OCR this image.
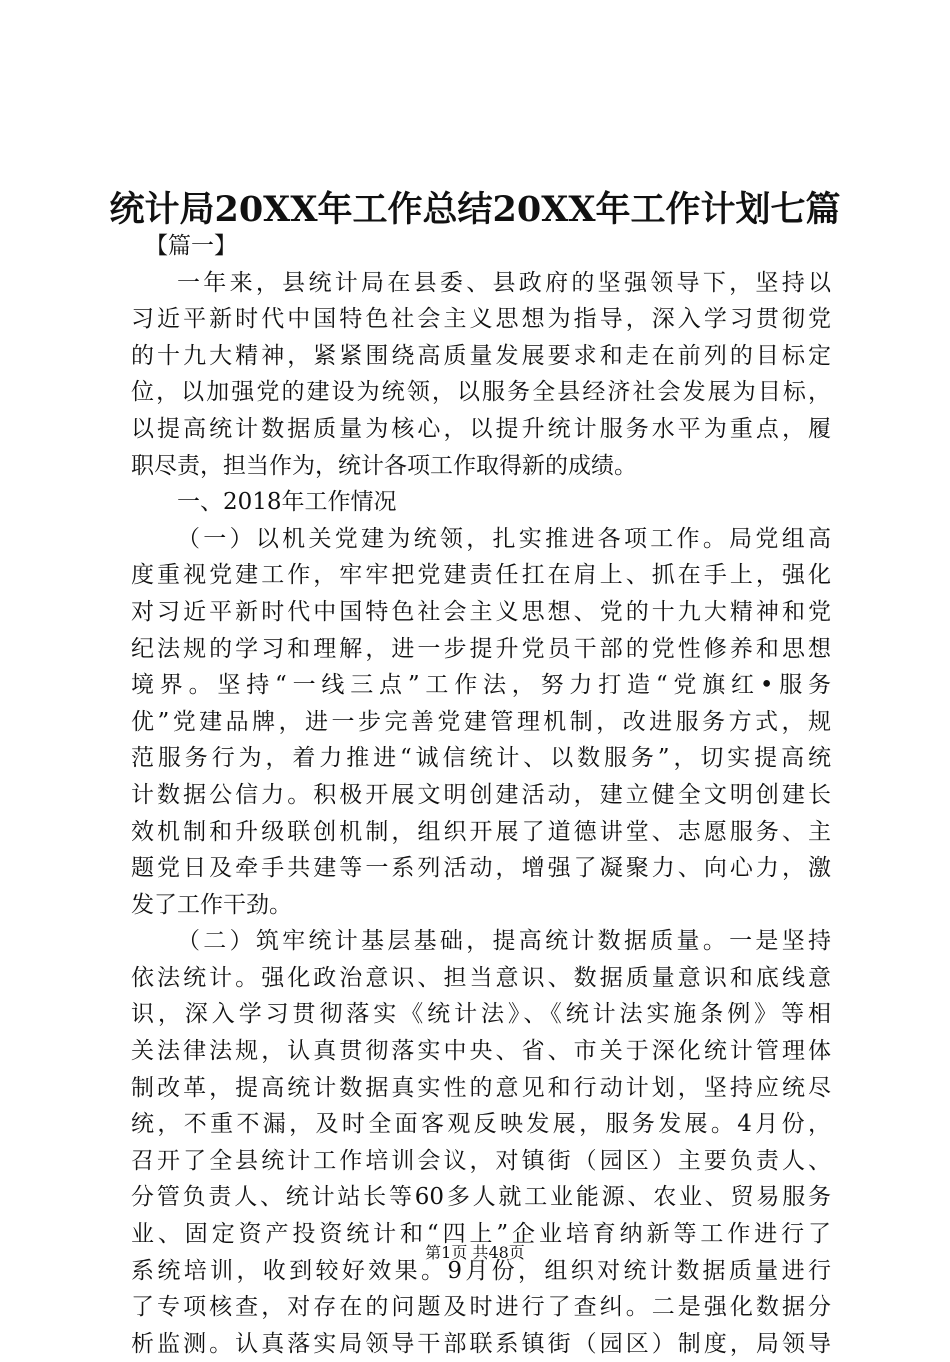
统计局20XX年工作总结20XX年工作计划七篇
【篇一】
一年来，县统计局在县委、县政府的坚强领导下，坚持以
习近平新时代中国特色社会主义思想为指导，深入学习贯彻党
的十九大精神，紧紧围绕高质量发展要求和走在前列的目标定
位，以加强党的建设为统领，以服务全县经济社会发展为目标，
以提高统计数据质量为核心，以提升统计服务水平为重点，履
职尽责，担当作为，统计各项工作取得新的成绩。
一、2018年工作情况
（一）以机关党建为统领，扎实推进各项工作。局党组高
度重视党建工作，牢牢把党建责任扛在肩上、抓在手上，强化
对习近平新时代中国特色社会主义思想、党的十九大精神和党
纪法规的学习和理解，进一步提升党员干部的党性修养和思想
境界。坚持“一线三点”工作法，努力打造“党旗红•服务
优”党建品牌，进一步完善党建管理机制，改进服务方式，规
范服务行为，着力推进“诚信统计、以数服务”，切实提高统
计数据公信力。积极开展文明创建活动，建立健全文明创建长
效机制和升级联创机制，组织开展了道德讲堂、志愿服务、主
题党日及牵手共建等一系列活动，增强了凝聚力、向心力，激
发了工作干劲。
（二）筑牢统计基层基础，提高统计数据质量。一是坚持
依法统计。强化政治意识、担当意识、数据质量意识和底线意
识，深入学习贯彻落实《统计法》、《统计法实施条例》等相
关法律法规，认真贯彻落实中央、省、市关于深化统计管理体
制改革，提高统计数据真实性的意见和行动计划，坚持应统尽
统，不重不漏，及时全面客观反映发展，服务发展。4月份，
召开了全县统计工作培训会议，对镇街（园区）主要负责人、
分管负责人、统计站长等60多人就工业能源、农业、贸易服务
业、固定资产投资统计和“四上”企业培育纳新等工作进行了
系统培训，收到较好效果。9月份，组织对统计数据质量进行
了专项核查，对存在的问题及时进行了查纠。二是强化数据分
析监测。认真落实局领导干部联系镇街（园区）制度，局领导
第1页 共48页
